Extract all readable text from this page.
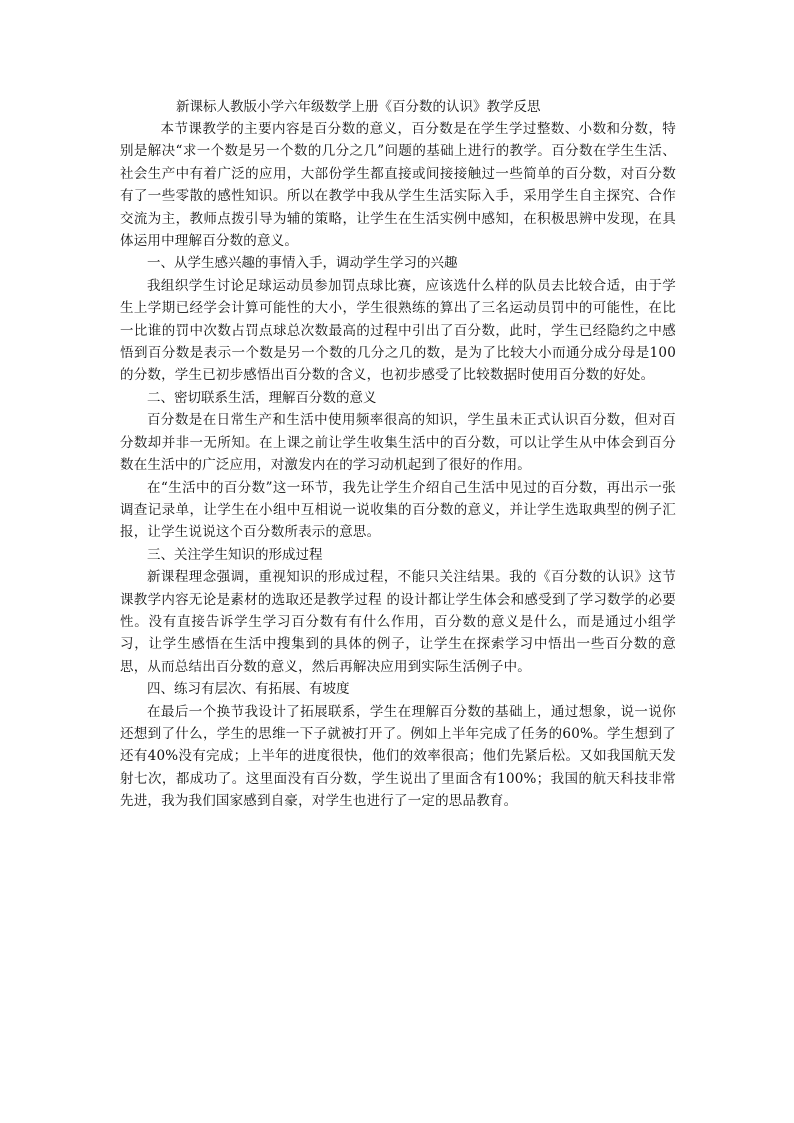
新课标人教版小学六年级数学上册《百分数的认识》教学反思

本节课教学的主要内容是百分数的意义，百分数是在学生学过整数、小数和分数，特别是解决“求一个数是另一个数的几分之几”问题的基础上进行的教学。百分数在学生生活、社会生产中有着广泛的应用，大部份学生都直接或间接接触过一些简单的百分数，对百分数有了一些零散的感性知识。所以在教学中我从学生生活实际入手，采用学生自主探究、合作交流为主，教师点拨引导为辅的策略，让学生在生活实例中感知，在积极思辨中发现，在具体运用中理解百分数的意义。

一、从学生感兴趣的事情入手，调动学生学习的兴趣

我组织学生讨论足球运动员参加罚点球比赛，应该选什么样的队员去比较合适，由于学生上学期已经学会计算可能性的大小，学生很熟练的算出了三名运动员罚中的可能性，在比一比谁的罚中次数占罚点球总次数最高的过程中引出了百分数，此时，学生已经隐约之中感悟到百分数是表示一个数是另一个数的几分之几的数，是为了比较大小而通分成分母是100的分数，学生已初步感悟出百分数的含义，也初步感受了比较数据时使用百分数的好处。

二、密切联系生活，理解百分数的意义

百分数是在日常生产和生活中使用频率很高的知识，学生虽未正式认识百分数，但对百分数却并非一无所知。在上课之前让学生收集生活中的百分数，可以让学生从中体会到百分数在生活中的广泛应用，对激发内在的学习动机起到了很好的作用。

在“生活中的百分数”这一环节，我先让学生介绍自己生活中见过的百分数，再出示一张调查记录单，让学生在小组中互相说一说收集的百分数的意义，并让学生选取典型的例子汇报，让学生说说这个百分数所表示的意思。

三、关注学生知识的形成过程

新课程理念强调，重视知识的形成过程，不能只关注结果。我的《百分数的认识》这节课教学内容无论是素材的选取还是教学过程 的设计都让学生体会和感受到了学习数学的必要性。没有直接告诉学生学习百分数有有什么作用，百分数的意义是什么，而是通过小组学习，让学生感悟在生活中搜集到的具体的例子，让学生在探索学习中悟出一些百分数的意思，从而总结出百分数的意义，然后再解决应用到实际生活例子中。

四、练习有层次、有拓展、有坡度

在最后一个换节我设计了拓展联系，学生在理解百分数的基础上，通过想象，说一说你还想到了什么，学生的思维一下子就被打开了。例如上半年完成了任务的60%。学生想到了还有40%没有完成；上半年的进度很快，他们的效率很高；他们先紧后松。又如我国航天发射七次，都成功了。这里面没有百分数，学生说出了里面含有100%；我国的航天科技非常先进，我为我们国家感到自豪，对学生也进行了一定的思品教育。
